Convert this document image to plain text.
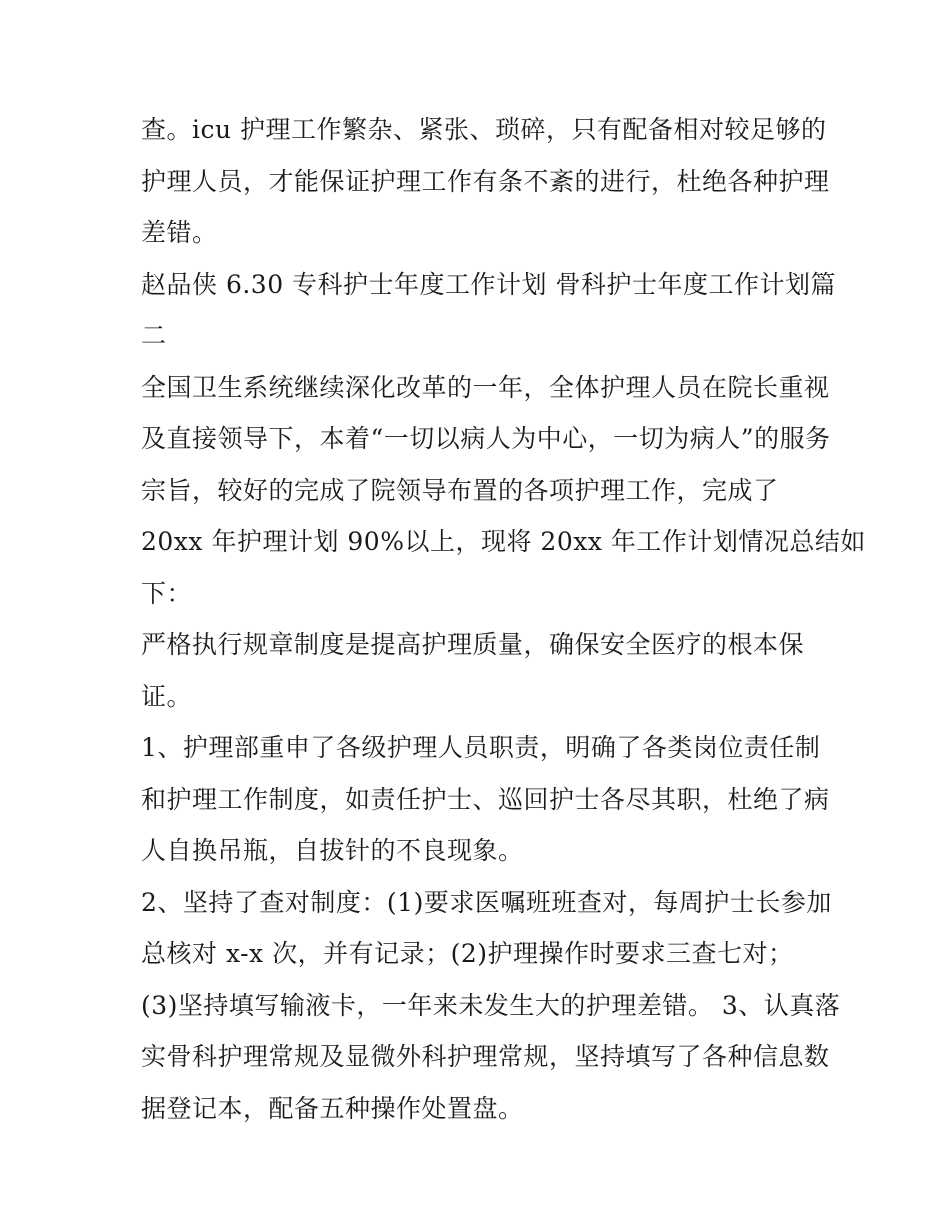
查。icu 护理工作繁杂、紧张、琐碎，只有配备相对较足够的
护理人员，才能保证护理工作有条不紊的进行，杜绝各种护理
差错。
赵品侠 6.30 专科护士年度工作计划 骨科护士年度工作计划篇
二
全国卫生系统继续深化改革的一年，全体护理人员在院长重视
及直接领导下，本着“一切以病人为中心，一切为病人”的服务
宗旨，较好的完成了院领导布置的各项护理工作，完成了
20xx 年护理计划 90%以上，现将 20xx 年工作计划情况总结如
下：
严格执行规章制度是提高护理质量，确保安全医疗的根本保
证。
1、护理部重申了各级护理人员职责，明确了各类岗位责任制
和护理工作制度，如责任护士、巡回护士各尽其职，杜绝了病
人自换吊瓶，自拔针的不良现象。
2、坚持了查对制度：(1)要求医嘱班班查对，每周护士长参加
总核对 x-x 次，并有记录；(2)护理操作时要求三查七对；
(3)坚持填写输液卡，一年来未发生大的护理差错。 3、认真落
实骨科护理常规及显微外科护理常规，坚持填写了各种信息数
据登记本，配备五种操作处置盘。
